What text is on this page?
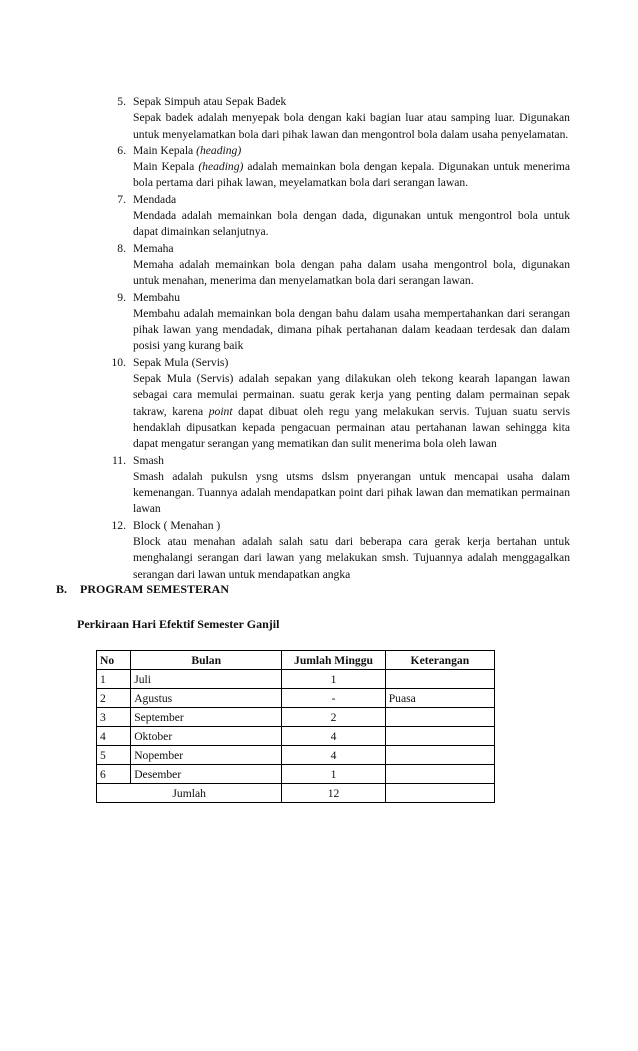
5. Sepak Simpuh atau Sepak Badek
Sepak badek adalah menyepak bola dengan kaki bagian luar atau samping luar. Digunakan untuk menyelamatkan bola dari pihak lawan dan mengontrol bola dalam usaha penyelamatan.
6. Main Kepala (heading)
Main Kepala (heading) adalah memainkan bola dengan kepala. Digunakan untuk menerima bola pertama dari pihak lawan, meyelamatkan bola dari serangan lawan.
7. Mendada
Mendada adalah memainkan bola dengan dada, digunakan untuk mengontrol bola untuk dapat dimainkan selanjutnya.
8. Memaha
Memaha adalah memainkan bola dengan paha dalam usaha mengontrol bola, digunakan untuk menahan, menerima dan menyelamatkan bola dari serangan lawan.
9. Membahu
Membahu adalah memainkan bola dengan bahu dalam usaha mempertahankan dari serangan pihak lawan yang mendadak, dimana pihak pertahanan dalam keadaan terdesak dan dalam posisi yang kurang baik
10. Sepak Mula (Servis)
Sepak Mula (Servis) adalah sepakan yang dilakukan oleh tekong kearah lapangan lawan sebagai cara memulai permainan. suatu gerak kerja yang penting dalam permainan sepak takraw, karena point dapat dibuat oleh regu yang melakukan servis. Tujuan suatu servis hendaklah dipusatkan kepada pengacuan permainan atau pertahanan lawan sehingga kita dapat mengatur serangan yang mematikan dan sulit menerima bola oleh lawan
11. Smash
Smash adalah pukulsn ysng utsms dslsm pnyerangan untuk mencapai usaha dalam kemenangan. Tuannya adalah mendapatkan point dari pihak lawan dan mematikan permainan lawan
12. Block ( Menahan )
Block atau menahan adalah salah satu dari beberapa cara gerak kerja bertahan untuk menghalangi serangan dari lawan yang melakukan smsh. Tujuannya adalah menggagalkan serangan dari lawan untuk mendapatkan angka
B. PROGRAM SEMESTERAN
Perkiraan Hari Efektif Semester Ganjil
No	Bulan	Jumlah Minggu	Keterangan
1	Juli	1	
2	Agustus	-	Puasa
3	September	2	
4	Oktober	4	
5	Nopember	4	
6	Desember	1	
Jumlah		12	
